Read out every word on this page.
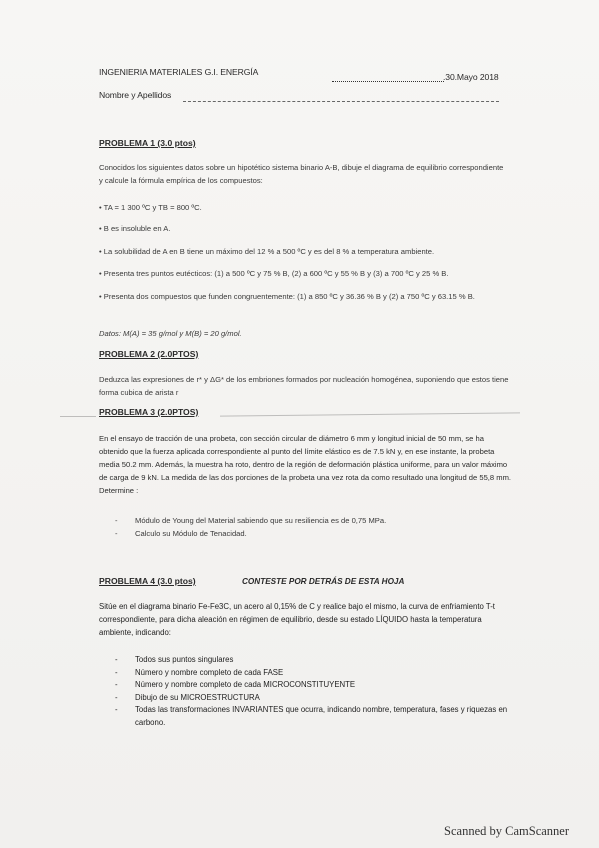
INGENIERIA MATERIALES G.I. ENERGÍA	.30.Mayo 2018
Nombre y Apellidos
PROBLEMA 1 (3.0 ptos)
Conocidos los siguientes datos sobre un hipotético sistema binario A-B, dibuje el diagrama de equilibrio correspondiente y calcule la fórmula empírica de los compuestos:
• TA = 1 300 ºC y TB = 800 ºC.
• B es insoluble en A.
• La solubilidad de A en B tiene un máximo del 12 % a 500 ºC y es del 8 % a temperatura ambiente.
• Presenta tres puntos eutécticos: (1) a 500 ºC y 75 % B, (2) a 600 ºC y 55 % B y (3) a 700 ºC y 25 % B.
• Presenta dos compuestos que funden congruentemente: (1) a 850 ºC y 36.36 % B y (2) a 750 ºC y 63.15 % B.
Datos: M(A) = 35 g/mol y M(B) = 20 g/mol.
PROBLEMA 2 (2.0PTOS)
Deduzca las expresiones de r* y ΔG* de los embriones formados por nucleación homogénea, suponiendo que estos tiene forma cubica de arista r
PROBLEMA 3 (2.0PTOS)
En el ensayo de tracción de una probeta, con sección circular de diámetro 6 mm y longitud inicial de 50 mm, se ha obtenido que la fuerza aplicada correspondiente al punto del límite elástico es de 7.5 kN y, en ese instante, la probeta media 50.2 mm. Además, la muestra ha roto, dentro de la región de deformación plástica uniforme, para un valor máximo de carga de 9 kN. La medida de las dos porciones de la probeta una vez rota da como resultado una longitud de 55,8 mm. Determine :
- Módulo de Young del Material sabiendo que su resiliencia es de 0,75 MPa.
- Calculo su Módulo de Tenacidad.
PROBLEMA 4 (3.0 ptos)	CONTESTE POR DETRÁS DE ESTA HOJA
Sitúe en el diagrama binario Fe-Fe3C, un acero al 0,15% de C y realice bajo el mismo, la curva de enfriamiento T-t correspondiente, para dicha aleación en régimen de equilibrio, desde su estado LÍQUIDO hasta la temperatura ambiente, indicando:
- Todos sus puntos singulares
- Número y nombre completo de cada FASE
- Número y nombre completo de cada MICROCONSTITUYENTE
- Dibujo de su MICROESTRUCTURA
- Todas las transformaciones INVARIANTES que ocurra, indicando nombre, temperatura, fases y riquezas en carbono.
Scanned by CamScanner
